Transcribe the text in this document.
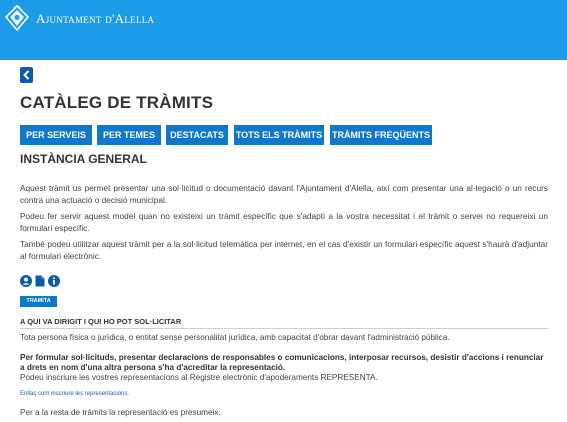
Ajuntament d'Alella
CATÀLEG DE TRÀMITS
PER SERVEIS	PER TEMES	DESTACATS	TOTS ELS TRÀMITS TRÀMITS FREQÜENTS
INSTÀNCIA GENERAL

Aquest tràmit us permet presentar una sol·licitud o documentació davant l'Ajuntament d'Alella, així com presentar una al·legació o un recurs contra una actuació o decisió municipal.

Podeu fer servir aquest model quan no existeixi un tràmit específic que s'adapti a la vostra necessitat i el tràmit o servei no requereixi un formulari específic.

També podeu utilitzar aquest tràmit per a la sol·licitud telemàtica per internet, en el cas d'existir un formulari específic aquest s'haurà d'adjuntar al formulari electrònic.

TRAMITA
A QUI VA DIRIGIT I QUI HO POT SOL·LICITAR

Tota persona física o jurídica, o entitat sense personalitat jurídica, amb capacitat d'obrar davant l'administració pública.

Per formular sol·licituds, presentar declaracions de responsables o comunicacions, interposar recursos, desistir d'accions i renunciar a drets en nom d'una altra persona s'ha d'acreditar la representació.

Podeu inscriure les vostres representacions al Registre electrònic d'apoderaments REPRESENTA.

Enllaç com inscriure les representacions.

Per a la resta de tràmits la representació es presumeix.
